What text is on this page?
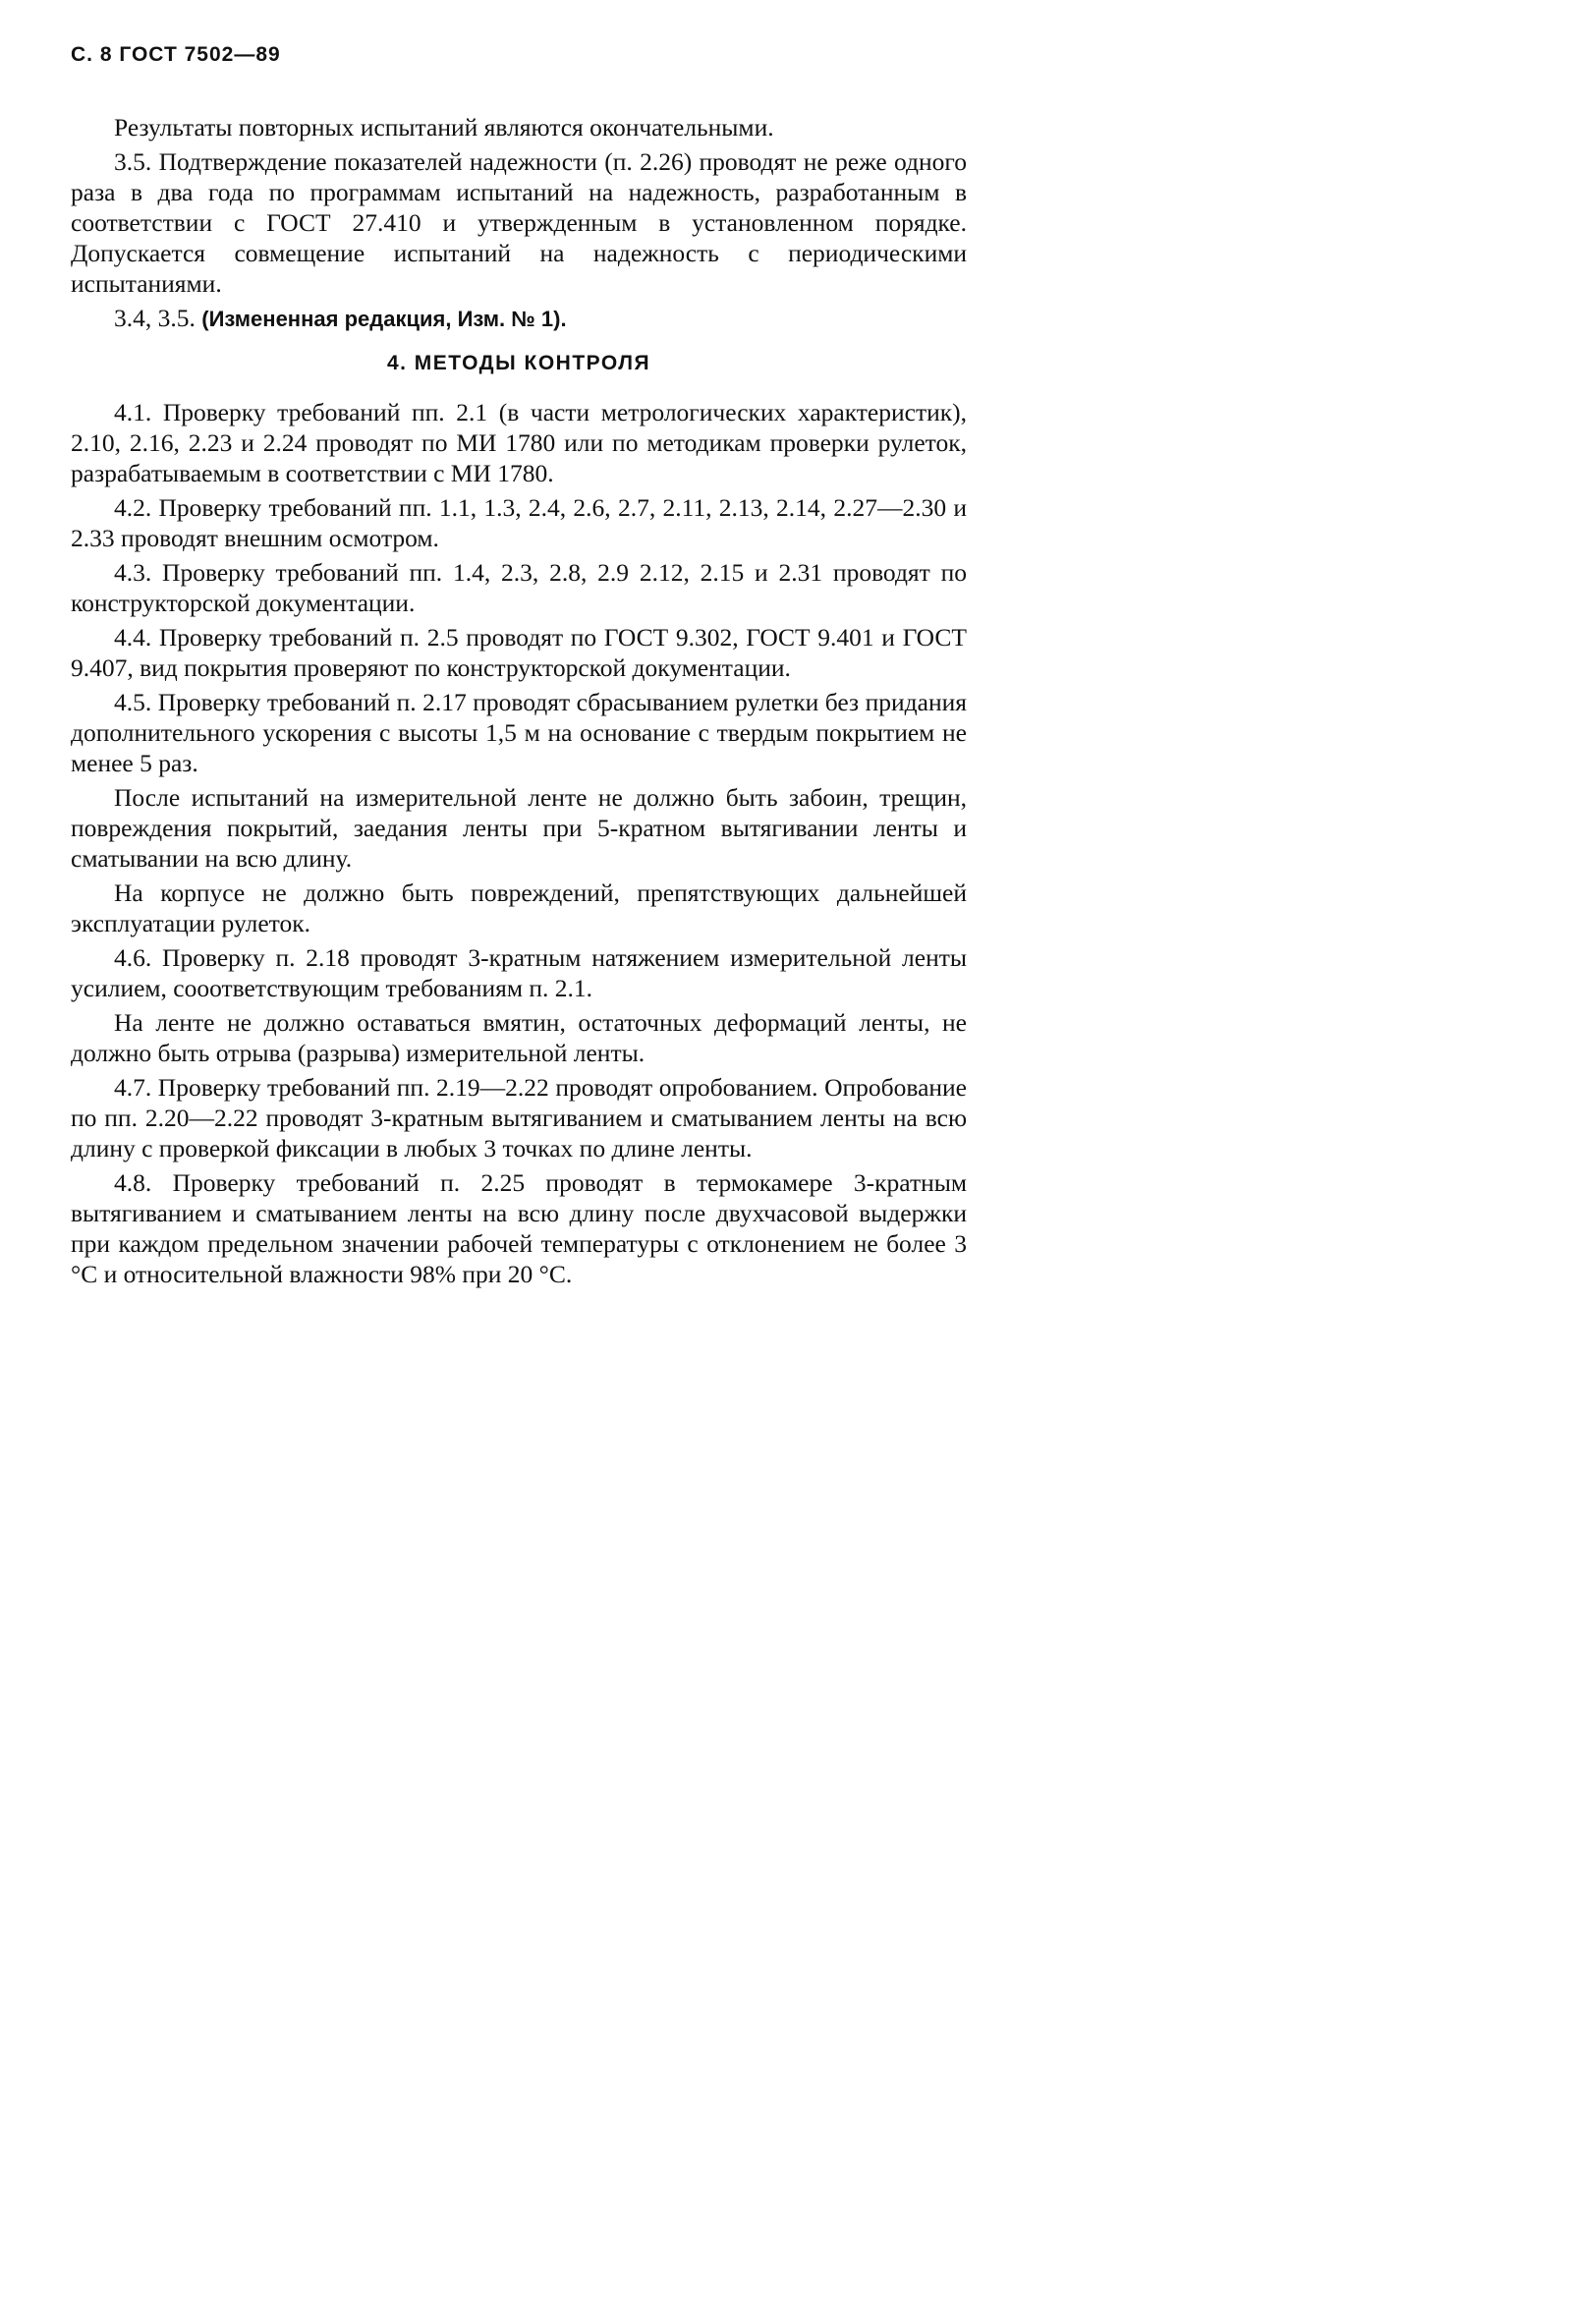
С. 8 ГОСТ 7502—89

Результаты повторных испытаний являются окончательными.

3.5. Подтверждение показателей надежности (п. 2.26) проводят не реже одного раза в два года по программам испытаний на надежность, разработанным в соответствии с ГОСТ 27.410 и утвержденным в установленном порядке. Допускается совмещение испытаний на надежность с периодическими испытаниями.

3.4, 3.5. (Измененная редакция, Изм. № 1).

4. МЕТОДЫ КОНТРОЛЯ

4.1. Проверку требований пп. 2.1 (в части метрологических характеристик), 2.10, 2.16, 2.23 и 2.24 проводят по МИ 1780 или по методикам проверки рулеток, разрабатываемым в соответствии с МИ 1780.

4.2. Проверку требований пп. 1.1, 1.3, 2.4, 2.6, 2.7, 2.11, 2.13, 2.14, 2.27—2.30 и 2.33 проводят внешним осмотром.

4.3. Проверку требований пп. 1.4, 2.3, 2.8, 2.9 2.12, 2.15 и 2.31 проводят по конструкторской документации.

4.4. Проверку требований п. 2.5 проводят по ГОСТ 9.302, ГОСТ 9.401 и ГОСТ 9.407, вид покрытия проверяют по конструкторской документации.

4.5. Проверку требований п. 2.17 проводят сбрасыванием рулетки без придания дополнительного ускорения с высоты 1,5 м на основание с твердым покрытием не менее 5 раз.

После испытаний на измерительной ленте не должно быть забоин, трещин, повреждения покрытий, заедания ленты при 5-кратном вытягивании ленты и сматывании на всю длину.

На корпусе не должно быть повреждений, препятствующих дальнейшей эксплуатации рулеток.

4.6. Проверку п. 2.18 проводят 3-кратным натяжением измерительной ленты усилием, сооответствующим требованиям п. 2.1.

На ленте не должно оставаться вмятин, остаточных деформаций ленты, не должно быть отрыва (разрыва) измерительной ленты.

4.7. Проверку требований пп. 2.19—2.22 проводят опробованием. Опробование по пп. 2.20—2.22 проводят 3-кратным вытягиванием и сматыванием ленты на всю длину с проверкой фиксации в любых 3 точках по длине ленты.

4.8. Проверку требований п. 2.25 проводят в термокамере 3-кратным вытягиванием и сматыванием ленты на всю длину после двухчасовой выдержки при каждом предельном значении рабочей температуры с отклонением не более 3 °С и относительной влажности 98% при 20 °С.
